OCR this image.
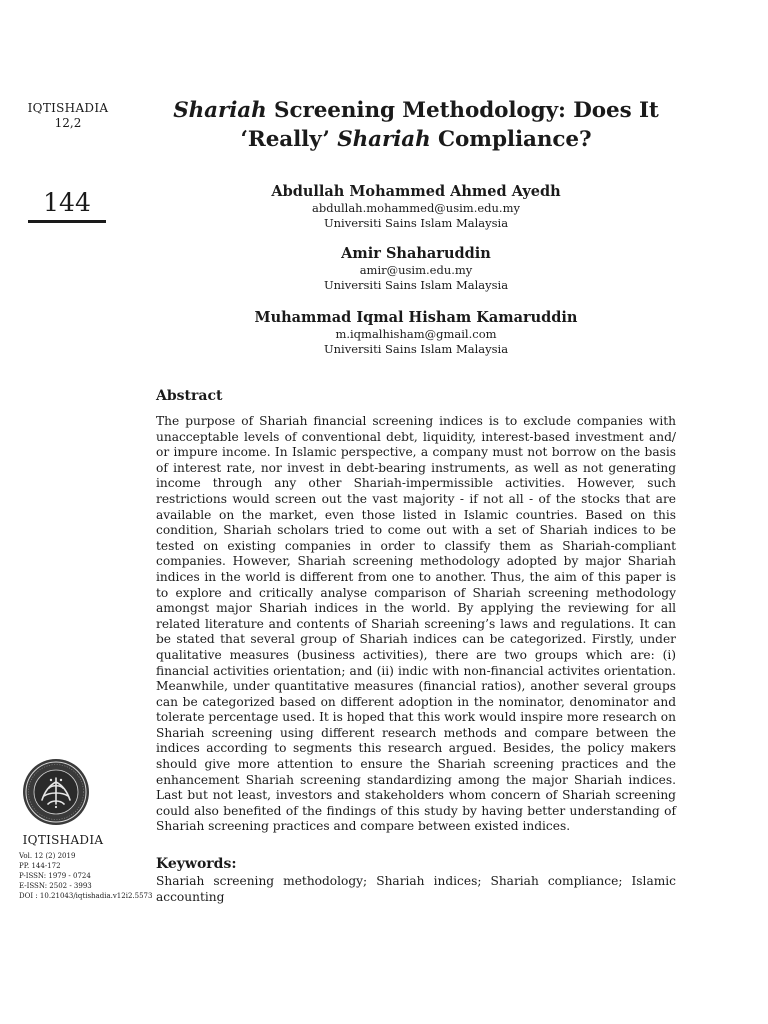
IQTISHADIA
12,2
144
Shariah Screening Methodology: Does It
‘Really’ Shariah Compliance?
Abdullah Mohammed Ahmed Ayedh
abdullah.mohammed@usim.edu.my
Universiti Sains Islam Malaysia
Amir Shaharuddin
amir@usim.edu.my
Universiti Sains Islam Malaysia
Muhammad Iqmal Hisham Kamaruddin
m.iqmalhisham@gmail.com
Universiti Sains Islam Malaysia
Abstract
The purpose of Shariah financial screening indices is to exclude companies with unacceptable levels of conventional debt, liquidity, interest-based investment and/ or impure income. In Islamic perspective, a company must not borrow on the basis of interest rate, nor invest in debt-bearing instruments, as well as not generating income through any other Shariah-impermissible activities. However, such restrictions would screen out the vast majority - if not all - of the stocks that are available on the market, even those listed in Islamic countries. Based on this condition, Shariah scholars tried to come out with a set of Shariah indices to be tested on existing companies in order to classify them as Shariah-compliant companies. However, Shariah screening methodology adopted by major Shariah indices in the world is different from one to another. Thus, the aim of this paper is to explore and critically analyse comparison of Shariah screening methodology amongst major Shariah indices in the world. By applying the reviewing for all related literature and contents of Shariah screening’s laws and regulations. It can be stated that several group of Shariah indices can be categorized. Firstly, under qualitative measures (business activities), there are two groups which are: (i) financial activities orientation; and (ii) indic with non-financial activites orientation. Meanwhile, under quantitative measures (financial ratios), another several groups can be categorized based on different adoption in the nominator, denominator and tolerate percentage used. It is hoped that this work would inspire more research on Shariah screening using different research methods and compare between the indices according to segments this research argued. Besides, the policy makers should give more attention to ensure the Shariah screening practices and the enhancement Shariah screening standardizing among the major Shariah indices. Last but not least, investors and stakeholders whom concern of Shariah screening could also benefited of the findings of this study by having better understanding of Shariah screening practices and compare between existed indices.
Keywords:
Shariah screening methodology; Shariah indices; Shariah compliance; Islamic accounting
IQTISHADIA
Vol. 12 (2) 2019
PP. 144-172
P-ISSN: 1979 - 0724
E-ISSN: 2502 - 3993
DOI : 10.21043/iqtishadia.v12i2.5573
